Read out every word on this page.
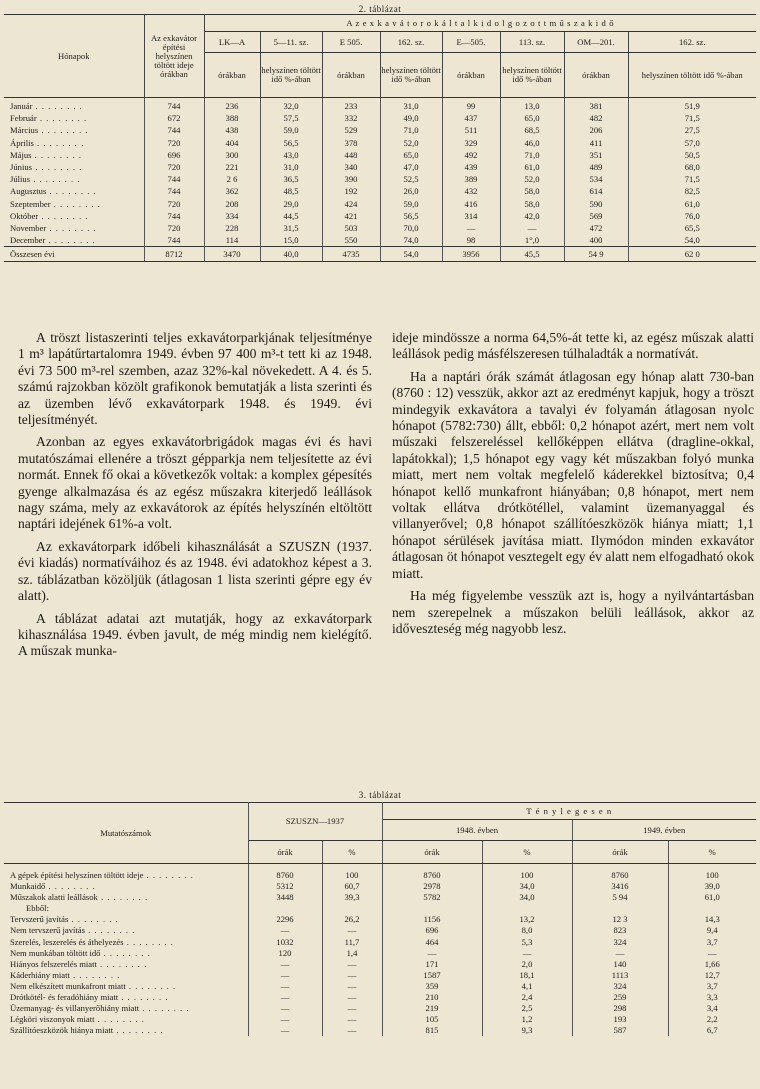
2. táblázat
Hónapok	Az exkavátor építési helyszínen töltött ideje órákban	A z e x k a v á t o r o k á l t a l k i d o l g o z o t t m ű s z a k i d ő							
		LK—A	5—11. sz.	E 505.	162. sz.	E—505.	113. sz.	OM—201.	162. sz.
		órákban	helyszínen töltött idő %-ában	órákban	helyszínen töltött idő %-ában	órákban	helyszínen töltött idő %-ában	órákban	helyszínen töltött idő %-ában
Január . . .	744	236	32,0	233	31,0	99	13,0	381	51,9
Február . . .	672	388	57,5	332	49,0	437	65,0	482	71,5
Március . . .	744	438	59,0	529	71,0	511	68,5	206	27,5
Április . . .	720	404	56,5	378	52,0	329	46,0	411	57,0
Május . . .	696	300	43,0	448	65,0	492	71,0	351	50,5
Június . . .	720	221	31,0	340	47,0	439	61,0	489	68,0
Július . . .	744	2 6	36,5	390	52,5	389	52,0	534	71,5
Augusztus . . .	744	362	48,5	192	26,0	432	58,0	614	82,5
Szeptember . . .	720	208	29,0	424	59,0	416	58,0	590	61,0
Október . . .	744	334	44,5	421	56,5	314	42,0	569	76,0
November . . .	720	228	31,5	503	70,0	—	—	472	65,5
December . . .	744	114	15,0	550	74,0	98	1°,0	400	54,0
Összesen évi	8712	3470	40,0	4735	54,0	3956	45,5	54 9	62 0

A tröszt listaszerinti teljes exkavátorparkjának teljesítménye 1 m³ lapátűrtartalomra 1949. évben 97 400 m³-t tett ki az 1948. évi 73 500 m³-rel szemben, azaz 32%-kal növekedett. A 4. és 5. számú rajzokban közölt grafikonok bemutatják a lista szerinti és az üzemben lévő exkavátorpark 1948. és 1949. évi teljesítményét.

Azonban az egyes exkavátorbrigádok magas évi és havi mutatószámai ellenére a tröszt gépparkja nem teljesítette az évi normát. Ennek fő okai a következők voltak: a komplex gépesítés gyenge alkalmazása és az egész műszakra kiterjedő leállások nagy száma, mely az exkavátorok az építés helyszínén eltöltött naptári idejének 61%-a volt.

Az exkavátorpark időbeli kihasználását a SZUSZN (1937. évi kiadás) normatíváihoz és az 1948. évi adatokhoz képest a 3. sz. táblázatban közöljük (átlagosan 1 lista szerinti gépre egy év alatt).

A táblázat adatai azt mutatják, hogy az exkavátorpark kihasználása 1949. évben javult, de még mindig nem kielégítő. A műszak munka-

ideje mindössze a norma 64,5%-át tette ki, az egész műszak alatti leállások pedig másfélszeresen túlhaladták a normatívát.

Ha a naptári órák számát átlagosan egy hónap alatt 730-ban (8760 : 12) vesszük, akkor azt az eredményt kapjuk, hogy a tröszt mindegyik exkavátora a tavalyi év folyamán átlagosan nyolc hónapot (5782:730) állt, ebből: 0,2 hónapot azért, mert nem volt műszaki felszereléssel kellőképpen ellátva (dragline-okkal, lapátokkal); 1,5 hónapot egy vagy két műszakban folyó munka miatt, mert nem voltak megfelelő káderekkel biztosítva; 0,4 hónapot kellő munkafront hiányában; 0,8 hónapot, mert nem voltak ellátva drótkötéllel, valamint üzemanyaggal és villanyerővel; 0,8 hónapot szállítóeszközök hiánya miatt; 1,1 hónapot sérülések javítása miatt. Ilymódon minden exkavátor átlagosan öt hónapot vesztegelt egy év alatt nem elfogadható okok miatt.

Ha még figyelembe vesszük azt is, hogy a nyilvántartásban nem szerepelnek a műszakon belüli leállások, akkor az időveszteség még nagyobb lesz.

3. táblázat
Mutatószámok	SZUSZN—1937		T é n y l e g e s e n			
			1948. évben		1949. évben	
	órák	%	órák	%	órák	%

A gépek építési helyszínen töltött ideje . . .	8760	100	8760	100	8760	100
Munkaidő . . .	5312	60,7	2978	34,0	3416	39,0
Műszakok alatti leállások . . .	3448	39,3	5782	34,0	5 94	61,0
Ebből:						
Tervszerű javítás . . .	2296	26,2	1156	13,2	12 3	14,3
Nem tervszerű javítás . . .	—	—	696	8,0	823	9,4
Szerelés, leszerelés és áthelyezés . . .	1032	11,7	464	5,3	324	3,7
Nem munkában töltött idő . . .	120	1,4	—	—	—	—
Hiányos felszerelés miatt . . .	—	—	171	2,0	140	1,66
Káderhiány miatt . . .	—	—	1587	18,1	1113	12,7
Nem elkészített munkafront miatt . . .	—	—	359	4,1	324	3,7
Drótkötél- és feradóhiány miatt . . .	—	—	210	2,4	259	3,3
Üzemanyag- és villanyerőhiány miatt . . .	—	—	219	2,5	298	3,4
Légköri viszonyok miatt . . .	—	—	105	1,2	193	2,2
Szállítóeszközök hiánya miatt . . .	—	—	815	9,3	587	6,7
